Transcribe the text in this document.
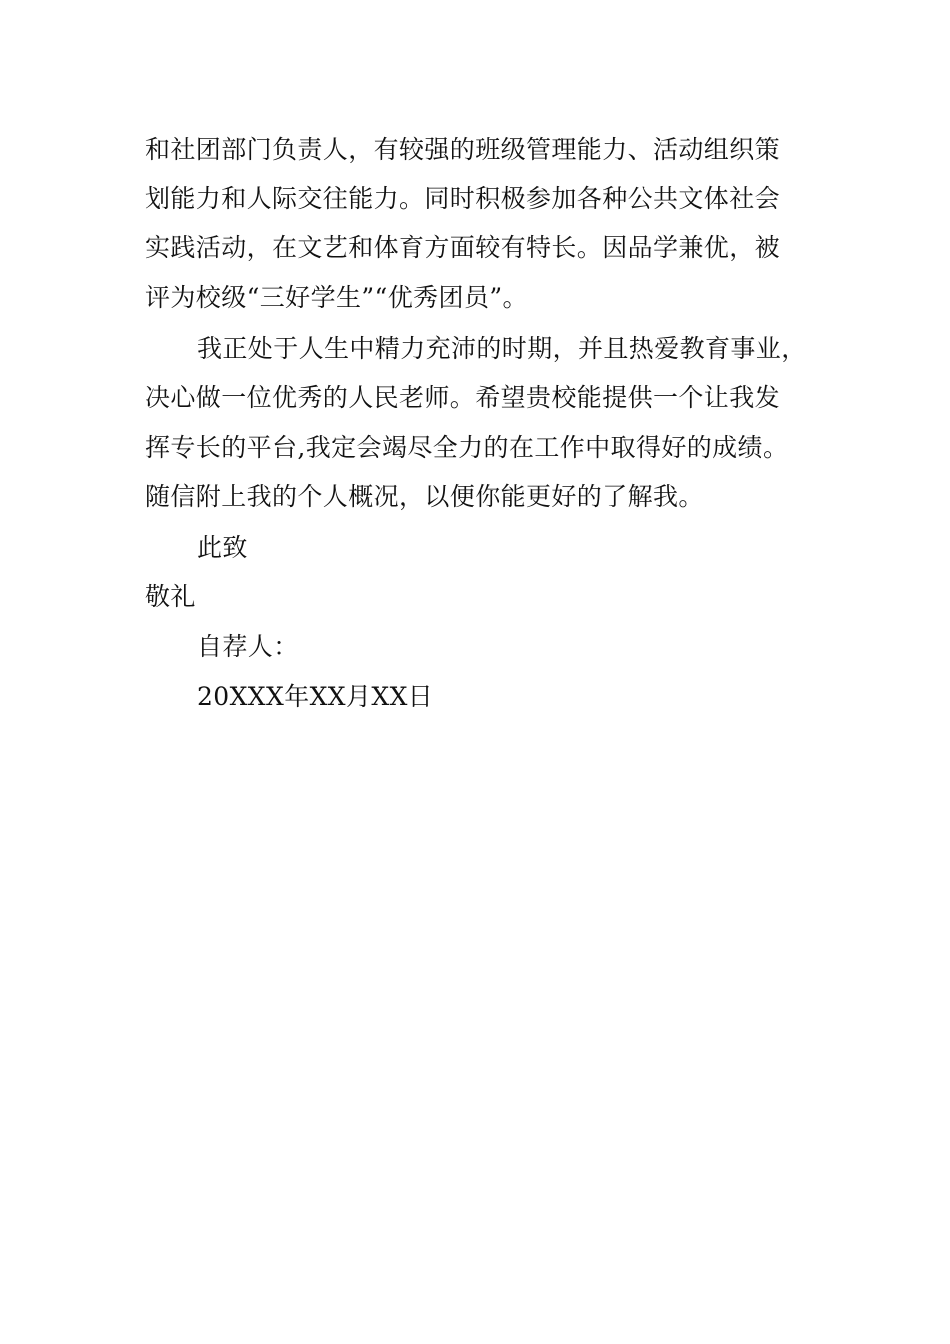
和社团部门负责人，有较强的班级管理能力、活动组织策
划能力和人际交往能力。同时积极参加各种公共文体社会
实践活动，在文艺和体育方面较有特长。因品学兼优，被
评为校级“三好学生”“优秀团员”。
我正处于人生中精力充沛的时期，并且热爱教育事业，
决心做一位优秀的人民老师。希望贵校能提供一个让我发
挥专长的平台,我定会竭尽全力的在工作中取得好的成绩。
随信附上我的个人概况，以便你能更好的了解我。
此致
敬礼
自荐人：
20XXX年XX月XX日
